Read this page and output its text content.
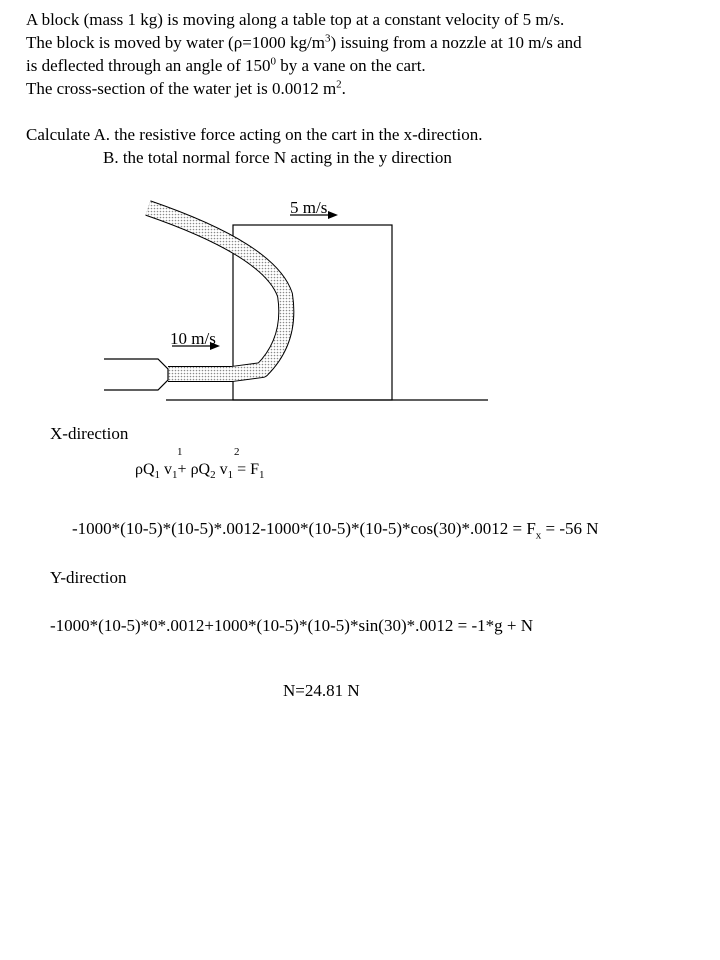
A block (mass 1 kg) is moving along a table top at a constant velocity of 5 m/s.
The block is moved by water (ρ=1000 $kg/m^3$) issuing from a nozzle at 10 m/s and
is deflected through an angle of $150^0$ by a vane on the cart.
The cross-section of the water jet is 0.0012 $m^2$.
Calculate A. the resistive force acting on the cart in the x-direction.
B. the total normal force N acting in the y direction
5 m/s
10 m/s
X-direction
1	2
$\rho Q_1$ $v_1+ \rho Q_2$ $v_1 = F_1$
$-1000*(10-5)*(10-5)*.0012-1000*(10-5)*(10-5)*\cos(30)*.0012 = F_x = -56$ N
Y-direction
-1000*(10-5)*0*.0012+1000*(10-5)*(10-5)*sin(30)*.0012 = -1*g + N
N=24.81 N
